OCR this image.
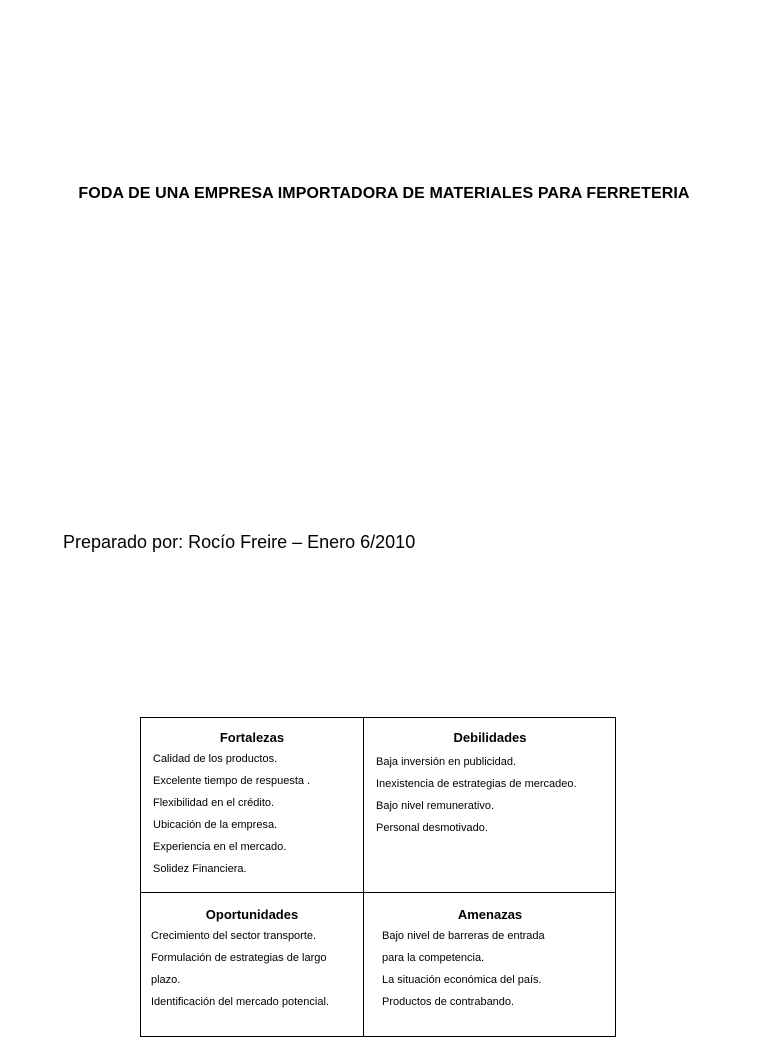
FODA DE UNA EMPRESA IMPORTADORA DE MATERIALES PARA FERRETERIA
Preparado por: Rocío Freire – Enero 6/2010
Fortalezas
Calidad de los productos.
Excelente tiempo de respuesta .
Flexibilidad en el crédito.
Ubicación de la empresa.
Experiencia en el mercado.
Solidez Financiera.
Debilidades
Baja inversión en publicidad.
Inexistencia de estrategias de mercadeo.
Bajo nivel remunerativo.
Personal desmotivado.
Oportunidades
Crecimiento del sector transporte.
Formulación de estrategias de largo
plazo.
Identificación del mercado potencial.
Amenazas
Bajo nivel de barreras de entrada
para la competencia.
La situación económica del país.
Productos de contrabando.
